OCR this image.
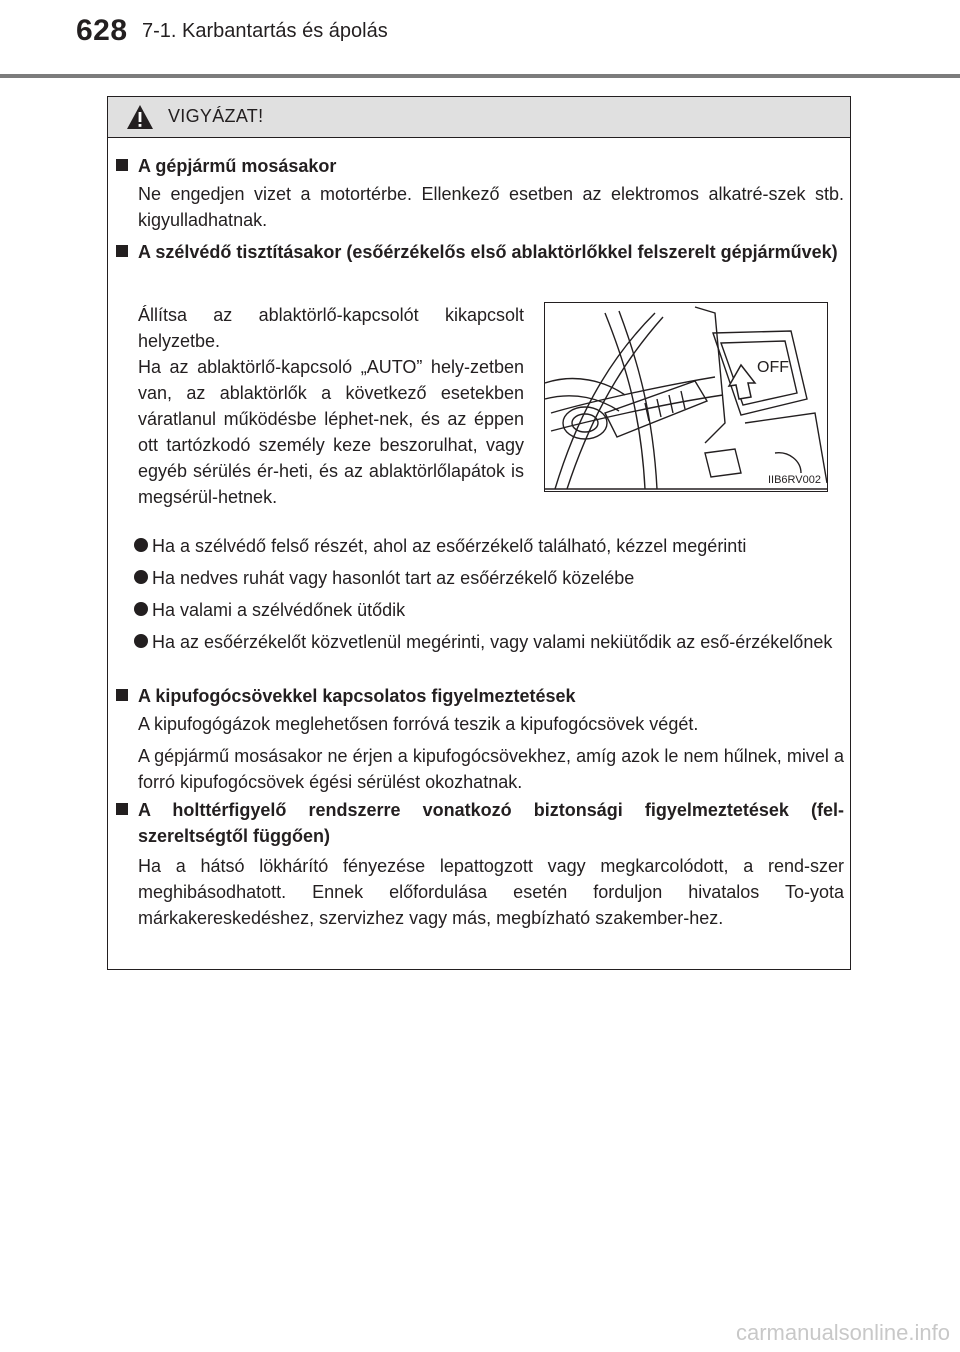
628 7-1. Karbantartás és ápolás
VIGYÁZAT!
A gépjármű mosásakor
Ne engedjen vizet a motortérbe. Ellenkező esetben az elektromos alkatré-szek stb. kigyulladhatnak.
A szélvédő tisztításakor (esőérzékelős első ablaktörlőkkel felszerelt gépjárművek)
Állítsa az ablaktörlő-kapcsolót kikapcsolt helyzetbe.
Ha az ablaktörlő-kapcsoló „AUTO” hely-zetben van, az ablaktörlők a következő esetekben váratlanul működésbe léphet-nek, és az éppen ott tartózkodó személy keze beszorulhat, vagy egyéb sérülés ér-heti, és az ablaktörlőlapátok is megsérül-hetnek.
OFF
IIB6RV002
Ha a szélvédő felső részét, ahol az esőérzékelő található, kézzel megérinti
Ha nedves ruhát vagy hasonlót tart az esőérzékelő közelébe
Ha valami a szélvédőnek ütődik
Ha az esőérzékelőt közvetlenül megérinti, vagy valami nekiütődik az eső-érzékelőnek
A kipufogócsövekkel kapcsolatos figyelmeztetések
A kipufogógázok meglehetősen forróvá teszik a kipufogócsövek végét.
A gépjármű mosásakor ne érjen a kipufogócsövekhez, amíg azok le nem hűlnek, mivel a forró kipufogócsövek égési sérülést okozhatnak.
A holttérfigyelő rendszerre vonatkozó biztonsági figyelmeztetések (fel-szereltségtől függően)
Ha a hátsó lökhárító fényezése lepattogzott vagy megkarcolódott, a rend-szer meghibásodhatott. Ennek előfordulása esetén forduljon hivatalos To-yota márkakereskedéshez, szervizhez vagy más, megbízható szakember-hez.
carmanualsonline.info
